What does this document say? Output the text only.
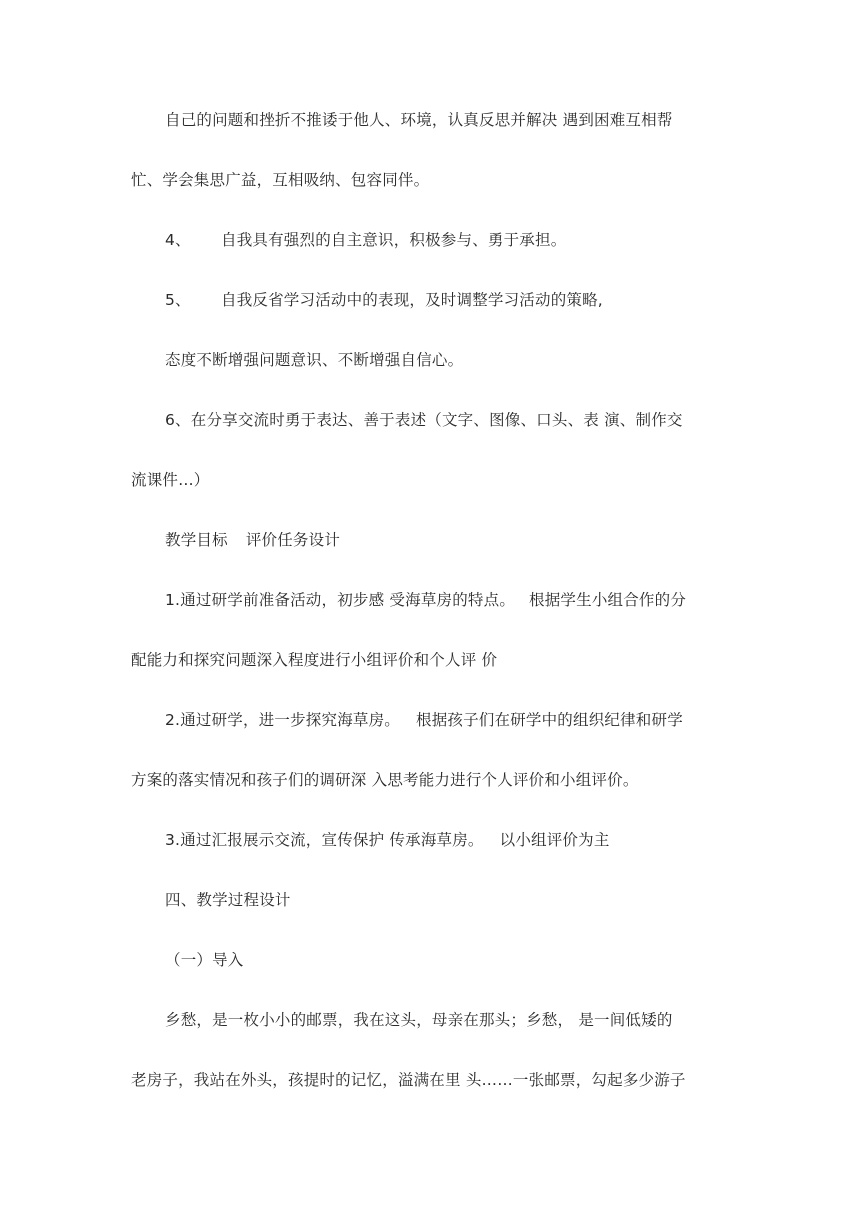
自己的问题和挫折不推诿于他人、环境，认真反思并解决 遇到困难互相帮
忙、学会集思广益，互相吸纳、包容同伴。
4、 自我具有强烈的自主意识，积极参与、勇于承担。
5、 自我反省学习活动中的表现，及时调整学习活动的策略,
态度不断增强问题意识、不断增强自信心。
6、在分享交流时勇于表达、善于表述（文字、图像、口头、表 演、制作交
流课件…）
教学目标 评价任务设计
1.通过研学前准备活动，初步感 受海草房的特点。 根据学生小组合作的分
配能力和探究问题深入程度进行小组评价和个人评 价
2.通过研学，进一步探究海草房。 根据孩子们在研学中的组织纪律和研学
方案的落实情况和孩子们的调研深 入思考能力进行个人评价和小组评价。
3.通过汇报展示交流，宣传保护 传承海草房。 以小组评价为主
四、教学过程设计
（一）导入
乡愁，是一枚小小的邮票，我在这头，母亲在那头；乡愁， 是一间低矮的
老房子，我站在外头，孩提时的记忆，溢满在里 头……一张邮票，勾起多少游子
